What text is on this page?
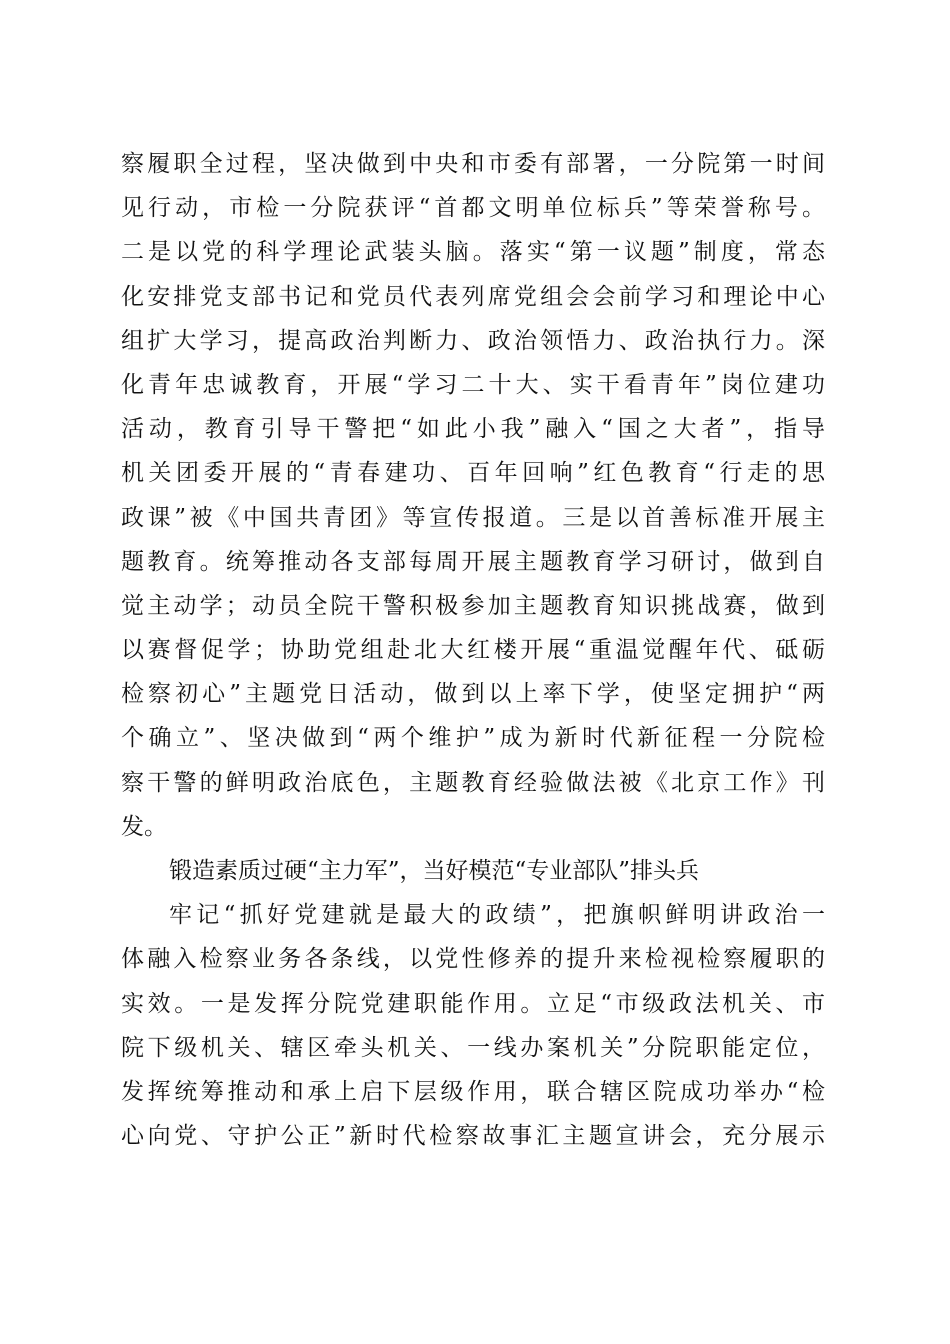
察履职全过程，坚决做到中央和市委有部署，一分院第一时间
见行动，市检一分院获评“首都文明单位标兵”等荣誉称号。
二是以党的科学理论武装头脑。落实“第一议题”制度，常态
化安排党支部书记和党员代表列席党组会会前学习和理论中心
组扩大学习，提高政治判断力、政治领悟力、政治执行力。深
化青年忠诚教育，开展“学习二十大、实干看青年”岗位建功
活动，教育引导干警把“如此小我”融入“国之大者”，指导
机关团委开展的“青春建功、百年回响”红色教育“行走的思
政课”被《中国共青团》等宣传报道。三是以首善标准开展主
题教育。统筹推动各支部每周开展主题教育学习研讨，做到自
觉主动学；动员全院干警积极参加主题教育知识挑战赛，做到
以赛督促学；协助党组赴北大红楼开展“重温觉醒年代、砥砺
检察初心”主题党日活动，做到以上率下学，使坚定拥护“两
个确立”、坚决做到“两个维护”成为新时代新征程一分院检
察干警的鲜明政治底色，主题教育经验做法被《北京工作》刊
发。
锻造素质过硬“主力军”，当好模范“专业部队”排头兵
牢记“抓好党建就是最大的政绩”，把旗帜鲜明讲政治一
体融入检察业务各条线，以党性修养的提升来检视检察履职的
实效。一是发挥分院党建职能作用。立足“市级政法机关、市
院下级机关、辖区牵头机关、一线办案机关”分院职能定位，
发挥统筹推动和承上启下层级作用，联合辖区院成功举办“检
心向党、守护公正”新时代检察故事汇主题宣讲会，充分展示
